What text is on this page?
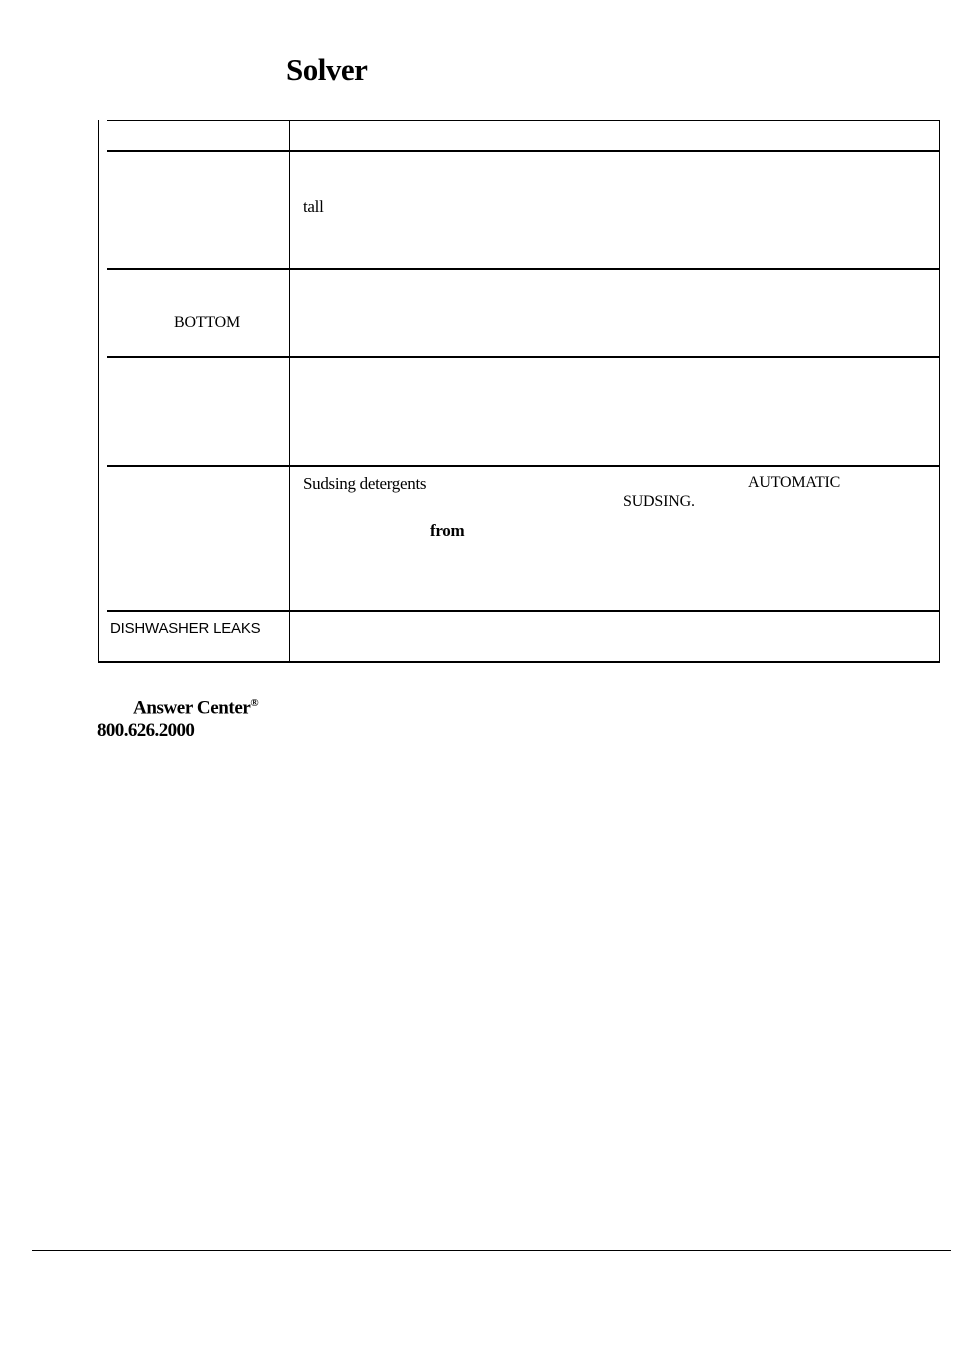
Solver
tall
BOTTOM
Sudsing detergents	AUTOMATIC
SUDSING.
from
DISHWASHER LEAKS
Answer Center®
800.626.2000
